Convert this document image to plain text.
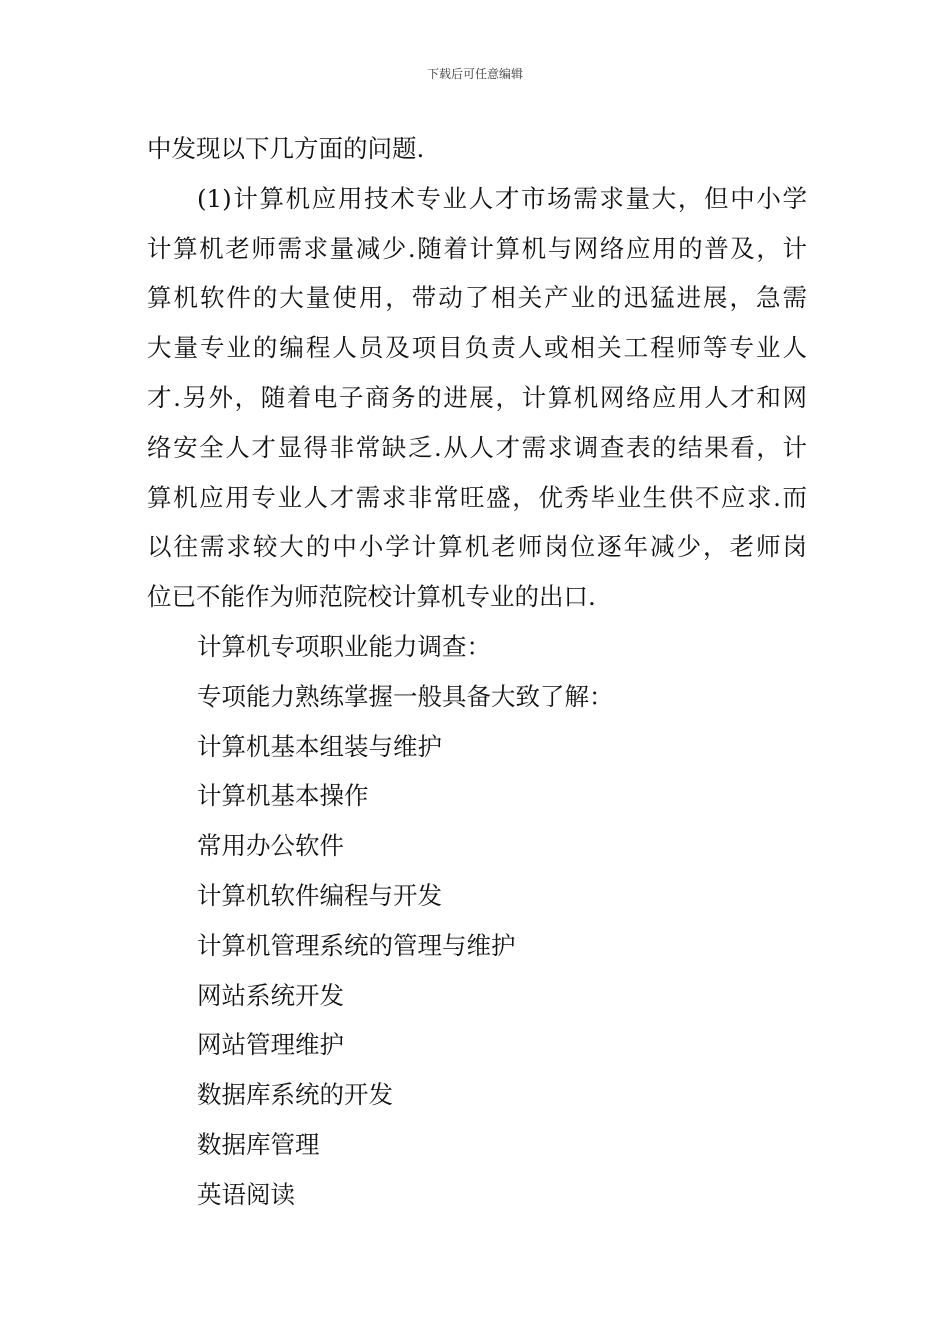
下载后可任意编辑
中发现以下几方面的问题.
(1)计算机应用技术专业人才市场需求量大，但中小学
计算机老师需求量减少.随着计算机与网络应用的普及，计
算机软件的大量使用，带动了相关产业的迅猛进展，急需
大量专业的编程人员及项目负责人或相关工程师等专业人
才.另外，随着电子商务的进展，计算机网络应用人才和网
络安全人才显得非常缺乏.从人才需求调查表的结果看，计
算机应用专业人才需求非常旺盛，优秀毕业生供不应求.而
以往需求较大的中小学计算机老师岗位逐年减少，老师岗
位已不能作为师范院校计算机专业的出口.
计算机专项职业能力调查：
专项能力熟练掌握一般具备大致了解：
计算机基本组装与维护
计算机基本操作
常用办公软件
计算机软件编程与开发
计算机管理系统的管理与维护
网站系统开发
网站管理维护
数据库系统的开发
数据库管理
英语阅读
